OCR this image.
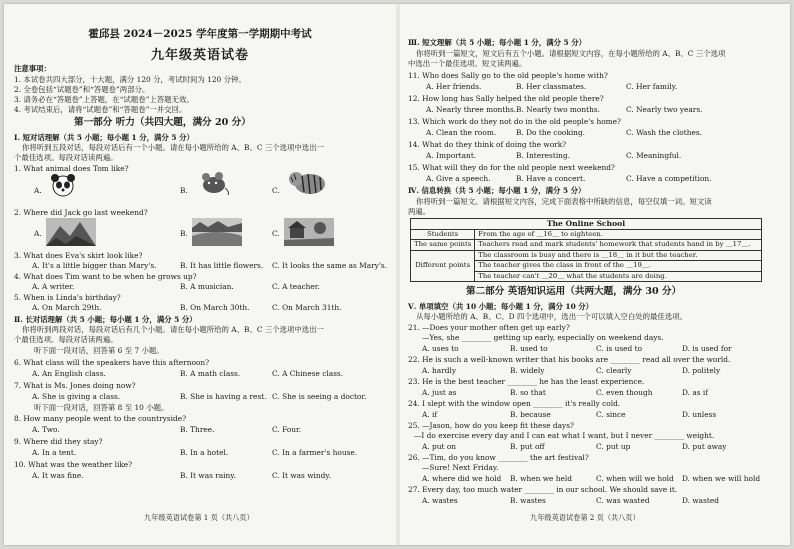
霍邱县 2024－2025 学年度第一学期期中考试
九年级英语试卷
注意事项：
1. 本试卷共四大部分，十大题，满分 120 分，考试时间为 120 分钟。
2. 全卷包括“试题卷”和“答题卷”两部分。
3. 请务必在“答题卷”上答题，在“试题卷”上答题无效。
4. 考试结束后，请将“试题卷”和“答题卷”一并交回。
第一部分 听力（共四大题，满分 20 分）
Ⅰ. 短对话理解（共 5 小题；每小题 1 分，满分 5 分）
你将听到五段对话，每段对话后有一个小题。请在每小题所给的 A、B、C 三个选项中选出一
个最佳选项。每段对话读两遍。
1. What animal does Tom like?
A.	B.	C.
2. Where did Jack go last weekend?
A.	B.	C.
3. What does Eva's skirt look like?
A. It's a little bigger than Mary's.	B. It has little flowers. C. It looks the same as Mary's.
4. What does Tim want to be when he grows up?
A. A writer.	B. A musician.	C. A teacher.
5. When is Linda's birthday?
A. On March 29th.	B. On March 30th.	C. On March 31th.
Ⅱ. 长对话理解（共 5 小题；每小题 1 分，满分 5 分）
你将听到两段对话，每段对话后有几个小题。请在每小题所给的 A、B、C 三个选项中选出一
个最佳选项。每段对话读两遍。
听下面一段对话，回答第 6 至 7 小题。
6. What class will the speakers have this afternoon?
A. An English class.	B. A math class.	C. A Chinese class.
7. What is Ms. Jones doing now?
A. She is giving a class.	B. She is having a rest. C. She is seeing a doctor.
听下面一段对话，回答第 8 至 10 小题。
8. How many people went to the countryside?
A. Two.	B. Three.	C. Four.
9. Where did they stay?
A. In a tent.	B. In a hotel.	C. In a farmer's house.
10. What was the weather like?
A. It was fine.	B. It was rainy.	C. It was windy.
九年级英语试卷第 1 页（共八页）
Ⅲ. 短文理解（共 5 小题；每小题 1 分，满分 5 分）
你将听到一篇短文，短文后有五个小题。请根据短文内容，在每小题所给的 A、B、C 三个选项
中选出一个最佳选项。短文读两遍。
11. Who does Sally go to the old people's home with?
A. Her friends.	B. Her classmates.	C. Her family.
12. How long has Sally helped the old people there?
A. Nearly three months. B. Nearly two months.	C. Nearly two years.
13. Which work do they not do in the old people's home?
A. Clean the room.	B. Do the cooking.	C. Wash the clothes.
14. What do they think of doing the work?
A. Important.	B. Interesting.	C. Meaningful.
15. What will they do for the old people next weekend?
A. Give a speech.	B. Have a concert.	C. Have a competition.
Ⅳ. 信息转换（共 5 小题；每小题 1 分，满分 5 分）
你将听到一篇短文。请根据短文内容，完成下面表格中所缺的信息，每空仅填一词。短文读
两遍。
The Online School	
Students	From the age of ＿16＿ to eighteen.
The same points	Teachers read and mark students' homework that students hand in by ＿17＿.
Different points	The classroom is busy and there is ＿18＿ in it but the teacher.
	The teacher gives the class in front of the ＿19＿.
	The teacher can't ＿20＿ what the students are doing.
第二部分 英语知识运用（共两大题，满分 30 分）
Ⅴ. 单项填空（共 10 小题；每小题 1 分，满分 10 分）
从每小题所给的 A、B、C、D 四个选项中，选出一个可以填入空白处的最佳选项。
21. —Does your mother often get up early?
—Yes, she ________ getting up early, especially on weekend days.
A. uses to	B. used to	C. is used to	D. is used for
22. He is such a well-known writer that his books are ________ read all over the world.
A. hardly	B. widely	C. clearly	D. politely
23. He is the best teacher ________ he has the least experience.
A. just as	B. so that	C. even though	D. as if
24. I slept with the window open ________ it's really cold.
A. if	B. because	C. since	D. unless
25. —Jason, how do you keep fit these days?
—I do exercise every day and I can eat what I want, but I never ________ weight.
A. put on	B. put off	C. put up	D. put away
26. —Tim, do you know ________ the art festival?
—Sure! Next Friday.
A. where did we hold B. when we held	C. when will we hold D. when we will hold
27. Every day, too much water ________ in our school. We should save it.
A. wastes	B. wastes	C. was wasted	D. wasted
九年级英语试卷第 2 页（共八页）
